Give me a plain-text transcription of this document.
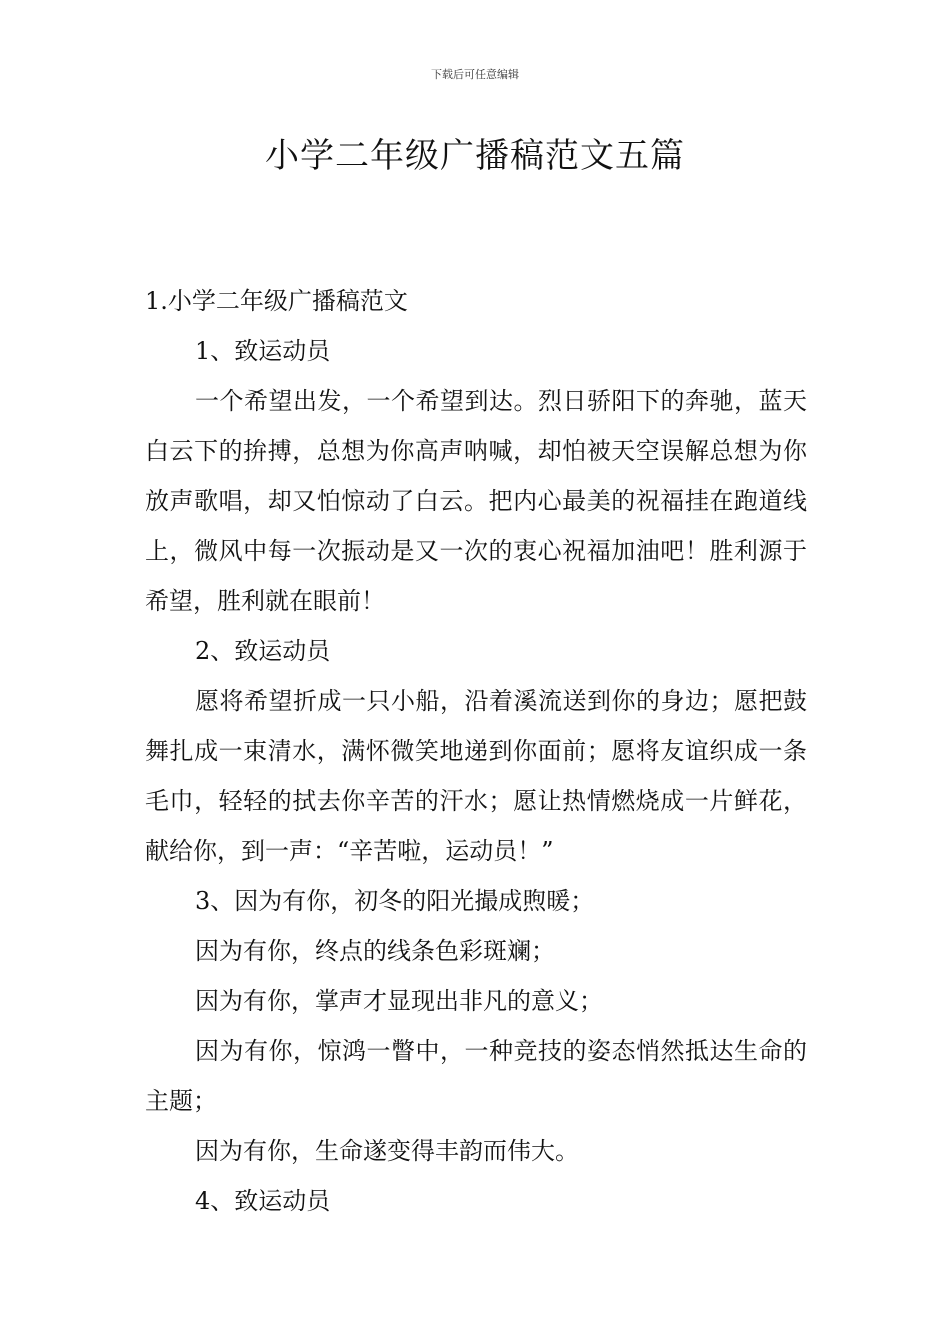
下载后可任意编辑
小学二年级广播稿范文五篇

1.小学二年级广播稿范文

1、致运动员

一个希望出发，一个希望到达。烈日骄阳下的奔驰，蓝天白云下的拚搏，总想为你高声呐喊，却怕被天空误解总想为你放声歌唱，却又怕惊动了白云。把内心最美的祝福挂在跑道线上，微风中每一次振动是又一次的衷心祝福加油吧！胜利源于希望，胜利就在眼前！

2、致运动员

愿将希望折成一只小船，沿着溪流送到你的身边；愿把鼓舞扎成一束清水，满怀微笑地递到你面前；愿将友谊织成一条毛巾，轻轻的拭去你辛苦的汗水；愿让热情燃烧成一片鲜花，献给你，到一声：“辛苦啦，运动员！”

3、因为有你，初冬的阳光撮成煦暖；

因为有你，终点的线条色彩斑斓；

因为有你，掌声才显现出非凡的意义；

因为有你，惊鸿一瞥中，一种竞技的姿态悄然抵达生命的主题；

因为有你，生命遂变得丰韵而伟大。

4、致运动员
